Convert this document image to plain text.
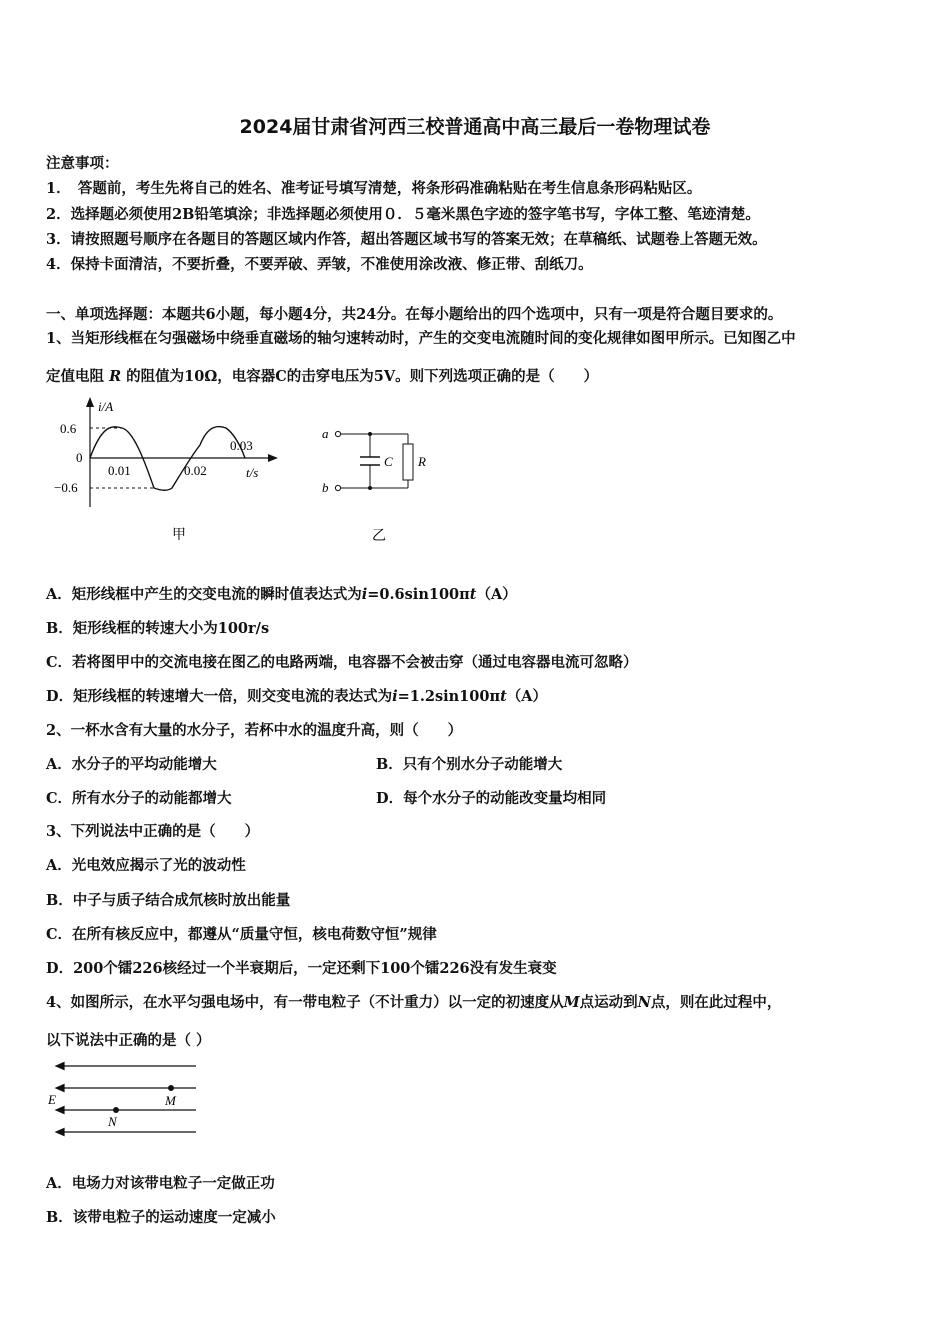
2024届甘肃省河西三校普通高中高三最后一卷物理试卷
注意事项：
1．　答题前，考生先将自己的姓名、准考证号填写清楚，将条形码准确粘贴在考生信息条形码粘贴区。
2．选择题必须使用2B铅笔填涂；非选择题必须使用０．５毫米黑色字迹的签字笔书写，字体工整、笔迹清楚。
3．请按照题号顺序在各题目的答题区域内作答，超出答题区域书写的答案无效；在草稿纸、试题卷上答题无效。
4．保持卡面清洁，不要折叠，不要弄破、弄皱，不准使用涂改液、修正带、刮纸刀。
一、单项选择题：本题共6小题，每小题4分，共24分。在每小题给出的四个选项中，只有一项是符合题目要求的。
1、当矩形线框在匀强磁场中绕垂直磁场的轴匀速转动时，产生的交变电流随时间的变化规律如图甲所示。已知图乙中
定值电阻 R 的阻值为10Ω，电容器C的击穿电压为5V。则下列选项正确的是（　　）
i/A
0.6
0
−0.6
0.01	0.02
0.03
t/s
甲
a
b
C R
乙
A．矩形线框中产生的交变电流的瞬时值表达式为i=0.6sin100πt（A）
B．矩形线框的转速大小为100r/s
C．若将图甲中的交流电接在图乙的电路两端，电容器不会被击穿（通过电容器电流可忽略）
D．矩形线框的转速增大一倍，则交变电流的表达式为i=1.2sin100πt（A）
2、一杯水含有大量的水分子，若杯中水的温度升高，则（　　）
A．水分子的平均动能增大	B．只有个别水分子动能增大
C．所有水分子的动能都增大	D．每个水分子的动能改变量均相同
3、下列说法中正确的是（　　）
A．光电效应揭示了光的波动性
B．中子与质子结合成氘核时放出能量
C．在所有核反应中，都遵从“质量守恒，核电荷数守恒”规律
D．200个镭226核经过一个半衰期后，一定还剩下100个镭226没有发生衰变
4、如图所示，在水平匀强电场中，有一带电粒子（不计重力）以一定的初速度从M点运动到N点，则在此过程中，
以下说法中正确的是（ ）
E	M
N
A．电场力对该带电粒子一定做正功
B．该带电粒子的运动速度一定减小
